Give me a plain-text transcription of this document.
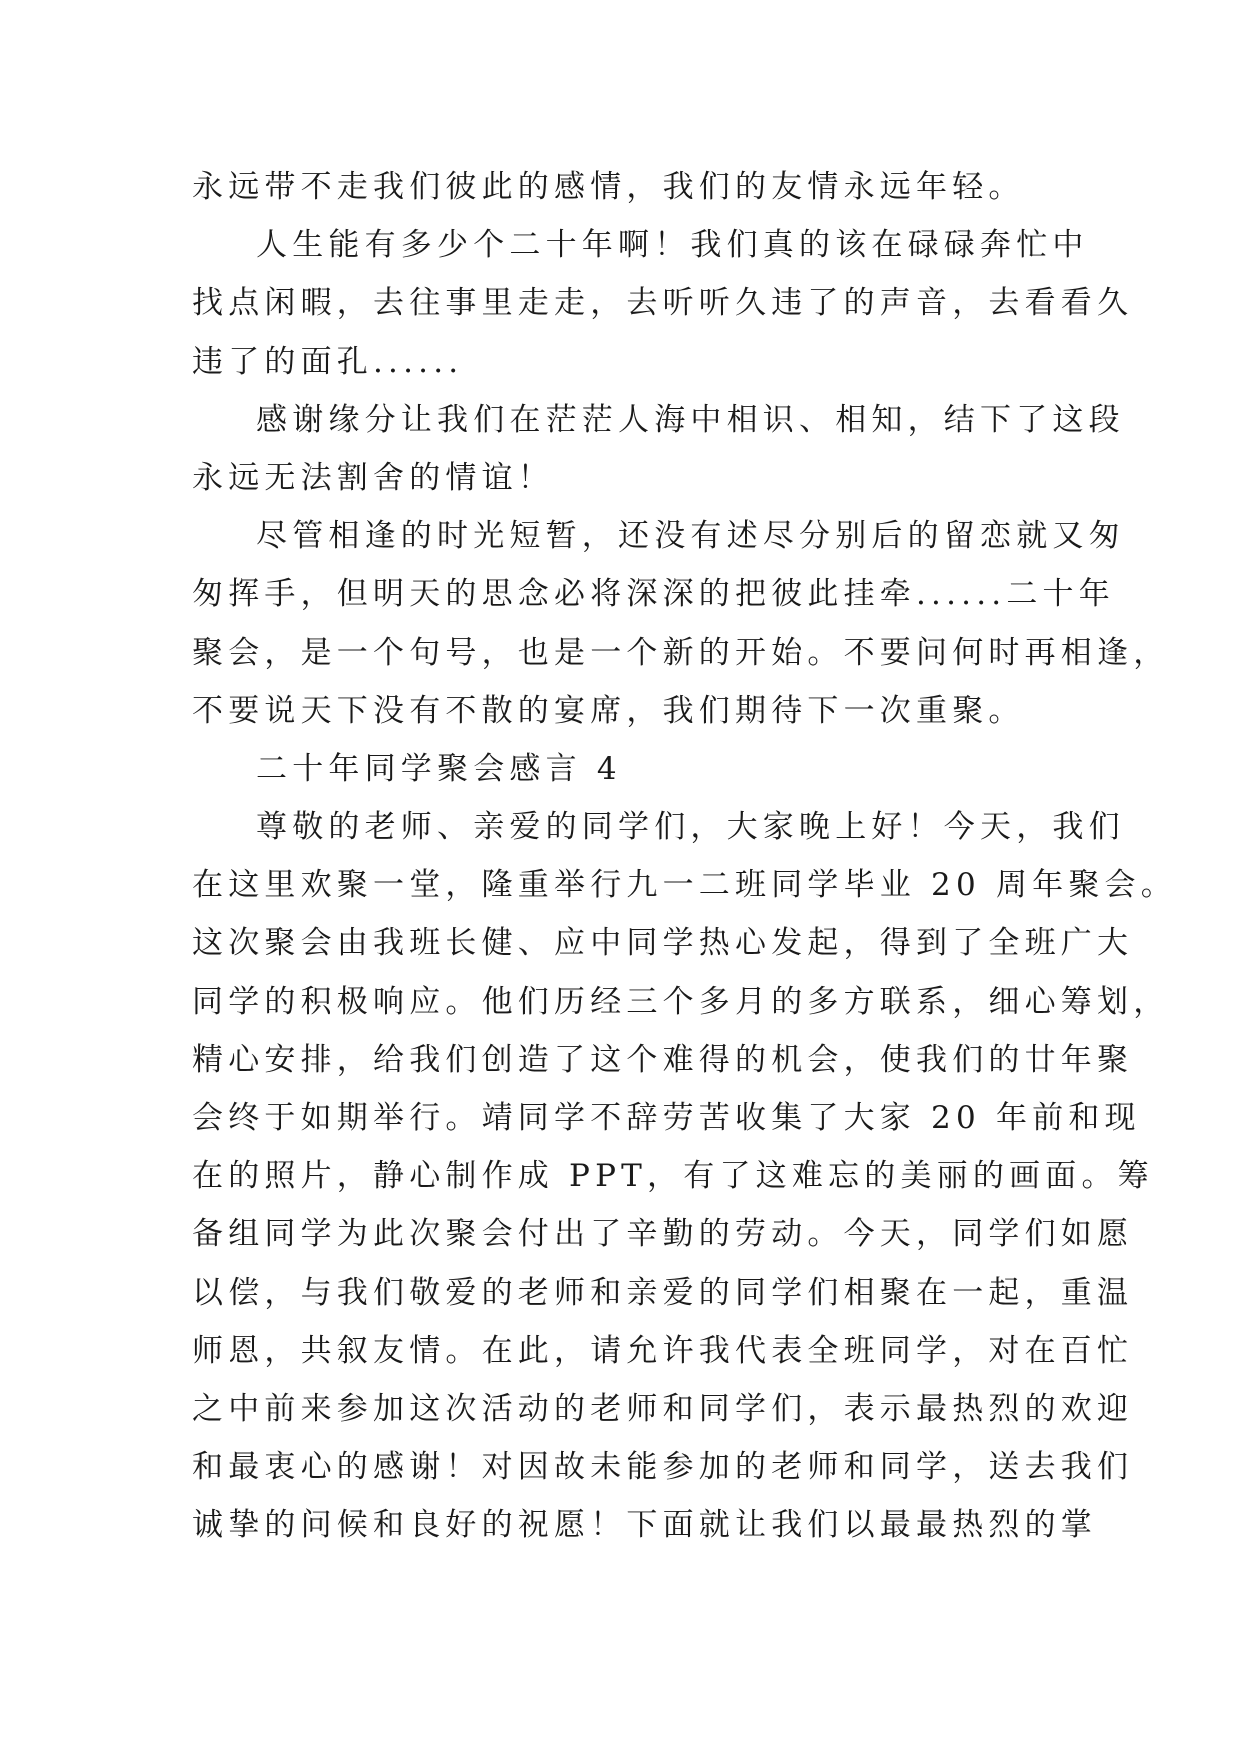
永远带不走我们彼此的感情，我们的友情永远年轻。
人生能有多少个二十年啊！我们真的该在碌碌奔忙中
找点闲暇，去往事里走走，去听听久违了的声音，去看看久
违了的面孔......
感谢缘分让我们在茫茫人海中相识、相知，结下了这段
永远无法割舍的情谊！
尽管相逢的时光短暂，还没有述尽分别后的留恋就又匆
匆挥手，但明天的思念必将深深的把彼此挂牵......二十年
聚会，是一个句号，也是一个新的开始。不要问何时再相逢，
不要说天下没有不散的宴席，我们期待下一次重聚。
二十年同学聚会感言 4
尊敬的老师、亲爱的同学们，大家晚上好！今天，我们
在这里欢聚一堂，隆重举行九一二班同学毕业 20 周年聚会。
这次聚会由我班长健、应中同学热心发起，得到了全班广大
同学的积极响应。他们历经三个多月的多方联系，细心筹划，
精心安排，给我们创造了这个难得的机会，使我们的廿年聚
会终于如期举行。靖同学不辞劳苦收集了大家 20 年前和现
在的照片，静心制作成 PPT，有了这难忘的美丽的画面。筹
备组同学为此次聚会付出了辛勤的劳动。今天，同学们如愿
以偿，与我们敬爱的老师和亲爱的同学们相聚在一起，重温
师恩，共叙友情。在此，请允许我代表全班同学，对在百忙
之中前来参加这次活动的老师和同学们，表示最热烈的欢迎
和最衷心的感谢！对因故未能参加的老师和同学，送去我们
诚挚的问候和良好的祝愿！下面就让我们以最最热烈的掌
